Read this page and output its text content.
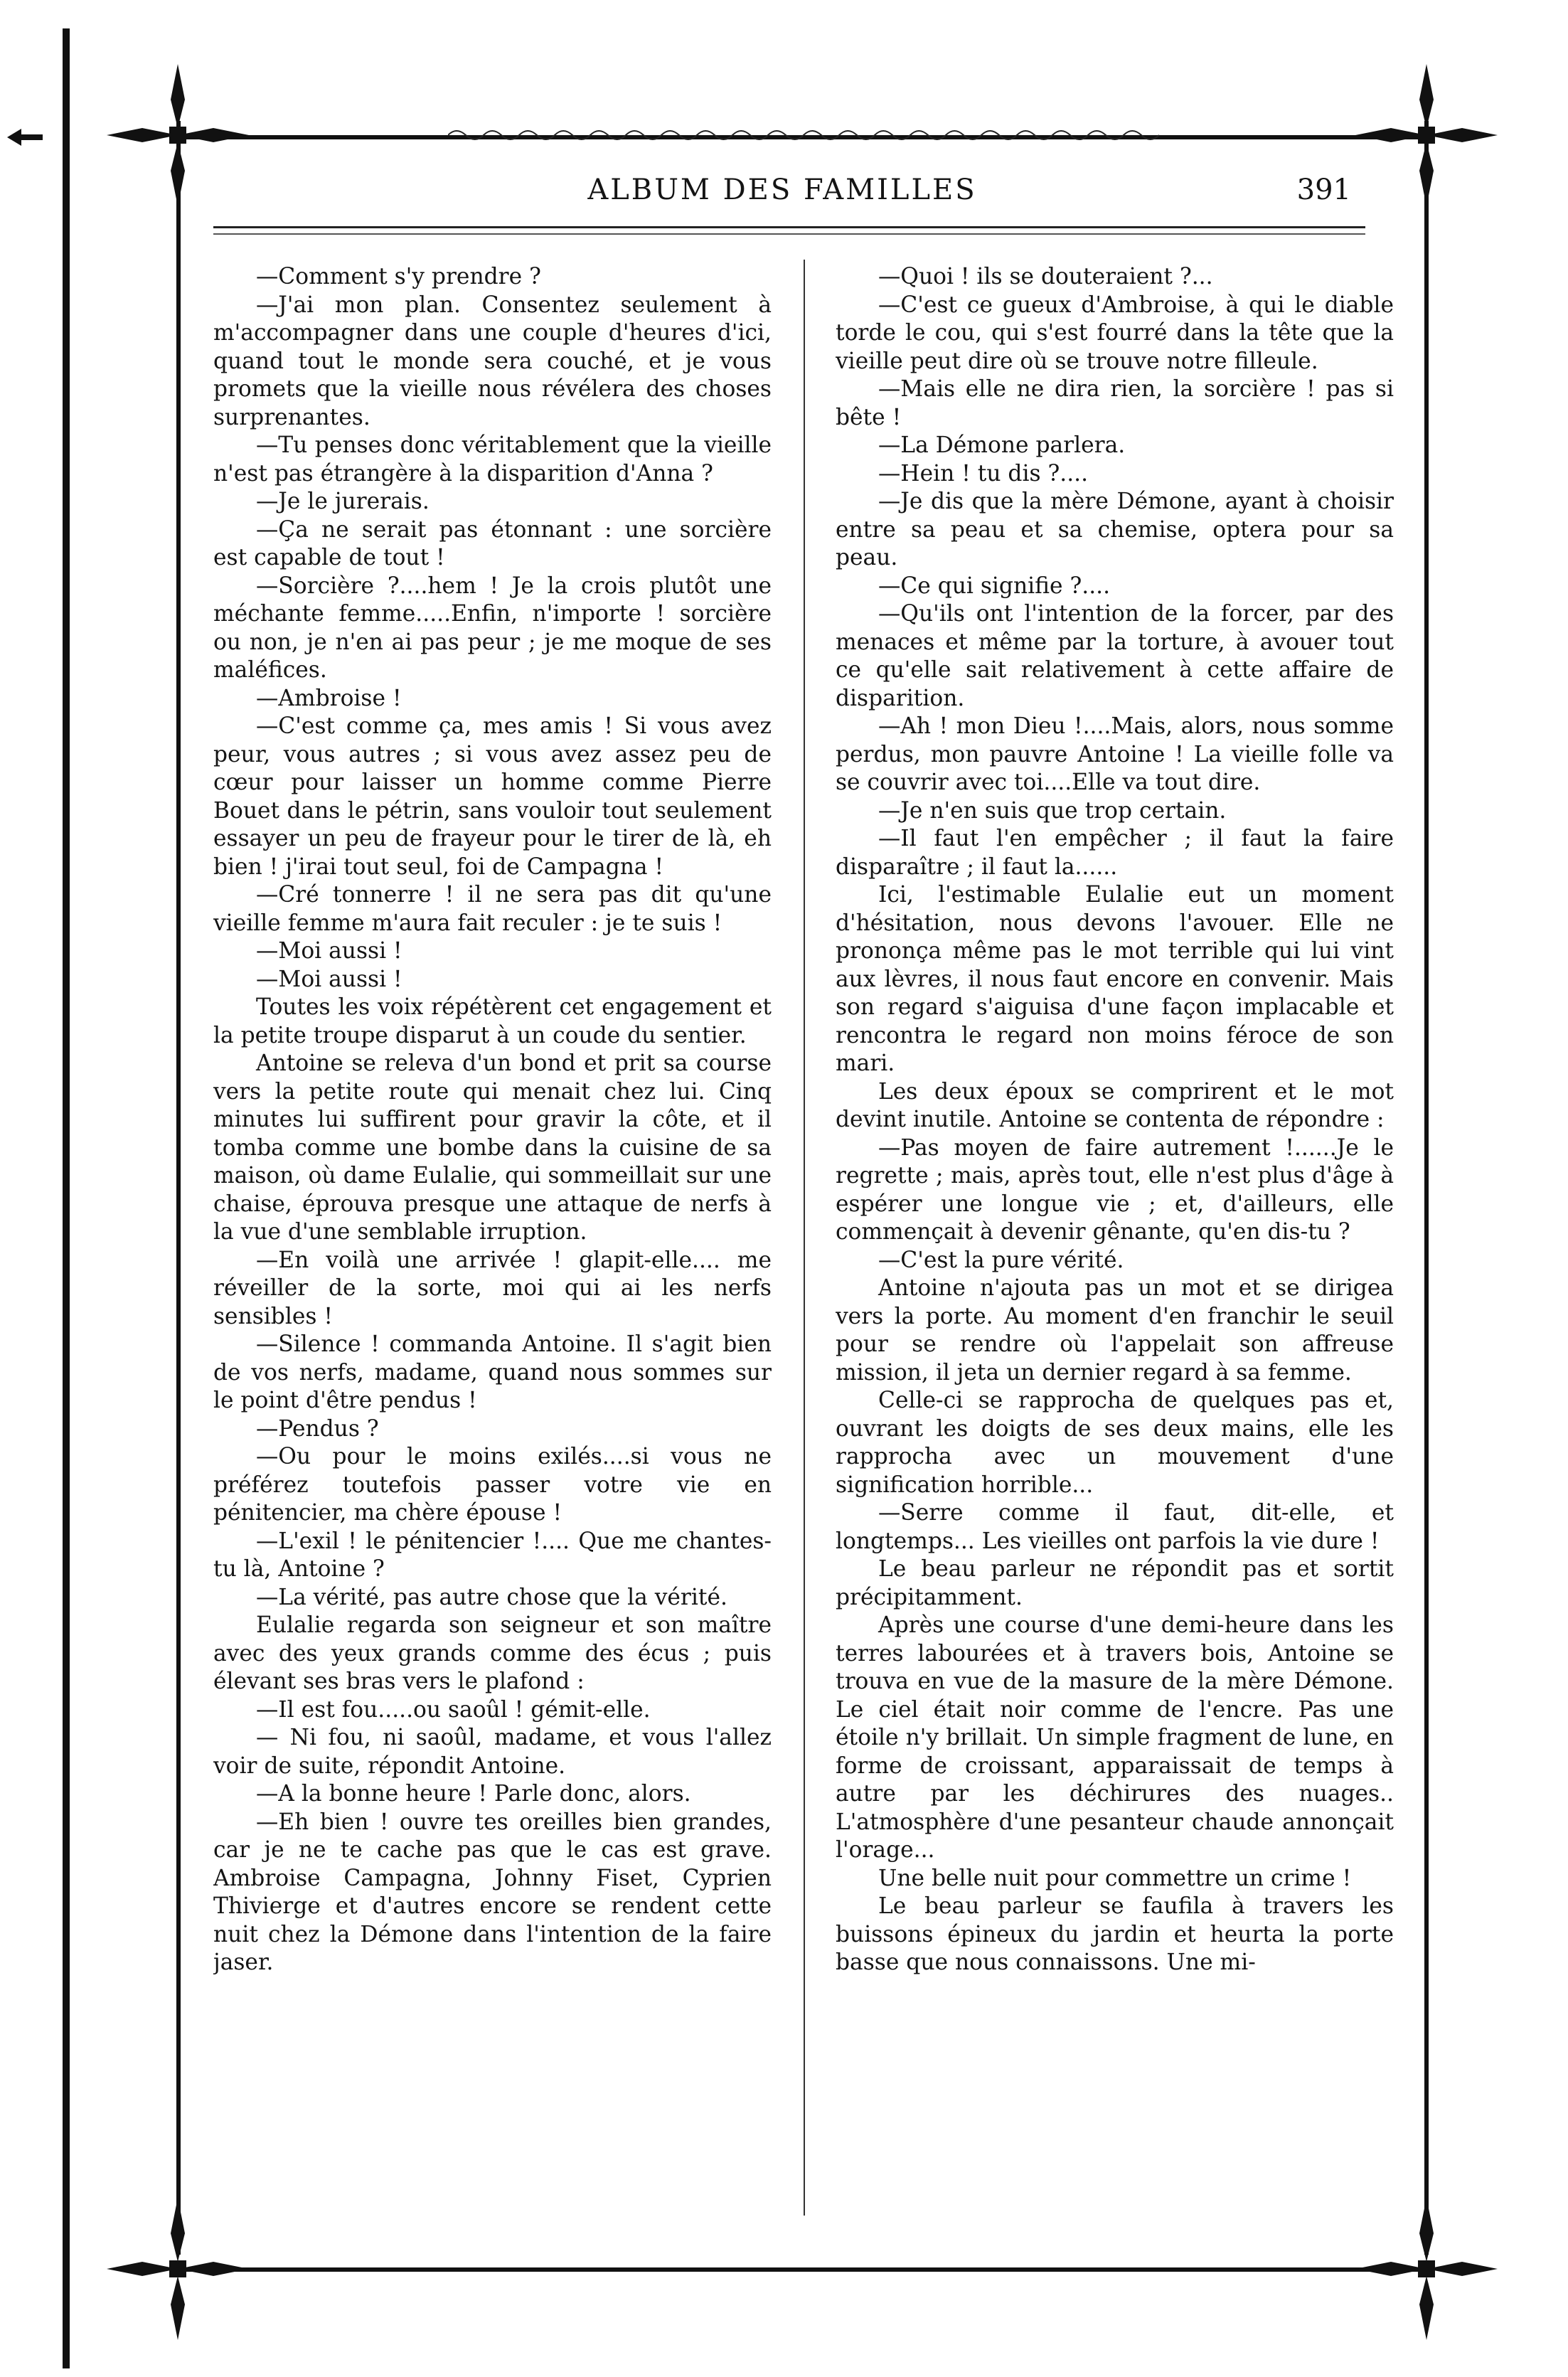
ALBUM DES FAMILLES	391

—Comment s'y prendre ?

—J'ai mon plan. Consentez seulement à m'accompagner dans une couple d'heures d'ici, quand tout le monde sera couché, et je vous promets que la vieille nous révélera des choses surprenantes.

—Tu penses donc véritablement que la vieille n'est pas étrangère à la disparition d'Anna ?

—Je le jurerais.

—Ça ne serait pas étonnant : une sorcière est capable de tout !

—Sorcière ?....hem ! Je la crois plutôt une méchante femme.....Enfin, n'importe ! sorcière ou non, je n'en ai pas peur ; je me moque de ses maléfices.

—Ambroise !

—C'est comme ça, mes amis ! Si vous avez peur, vous autres ; si vous avez assez peu de cœur pour laisser un homme comme Pierre Bouet dans le pétrin, sans vouloir tout seulement essayer un peu de frayeur pour le tirer de là, eh bien ! j'irai tout seul, foi de Campagna !

—Cré tonnerre ! il ne sera pas dit qu'une vieille femme m'aura fait reculer : je te suis !

—Moi aussi !

—Moi aussi !

Toutes les voix répétèrent cet engagement et la petite troupe disparut à un coude du sentier.

Antoine se releva d'un bond et prit sa course vers la petite route qui menait chez lui. Cinq minutes lui suffirent pour gravir la côte, et il tomba comme une bombe dans la cuisine de sa maison, où dame Eulalie, qui sommeillait sur une chaise, éprouva presque une attaque de nerfs à la vue d'une semblable irruption.

—En voilà une arrivée ! glapit-elle.... me réveiller de la sorte, moi qui ai les nerfs sensibles !

—Silence ! commanda Antoine. Il s'agit bien de vos nerfs, madame, quand nous sommes sur le point d'être pendus !

—Pendus ?

—Ou pour le moins exilés....si vous ne préférez toutefois passer votre vie en pénitencier, ma chère épouse !

—L'exil ! le pénitencier !.... Que me chantes-tu là, Antoine ?

—La vérité, pas autre chose que la vérité.

Eulalie regarda son seigneur et son maître avec des yeux grands comme des écus ; puis élevant ses bras vers le plafond :

—Il est fou.....ou saoûl ! gémit-elle.

— Ni fou, ni saoûl, madame, et vous l'allez voir de suite, répondit Antoine.

—A la bonne heure ! Parle donc, alors.

—Eh bien ! ouvre tes oreilles bien grandes, car je ne te cache pas que le cas est grave. Ambroise Campagna, Johnny Fiset, Cyprien Thivierge et d'autres encore se rendent cette nuit chez la Démone dans l'intention de la faire jaser.

—Quoi ! ils se douteraient ?...

—C'est ce gueux d'Ambroise, à qui le diable torde le cou, qui s'est fourré dans la tête que la vieille peut dire où se trouve notre filleule.

—Mais elle ne dira rien, la sorcière ! pas si bête !

—La Démone parlera.

—Hein ! tu dis ?....

—Je dis que la mère Démone, ayant à choisir entre sa peau et sa chemise, optera pour sa peau.

—Ce qui signifie ?....

—Qu'ils ont l'intention de la forcer, par des menaces et même par la torture, à avouer tout ce qu'elle sait relativement à cette affaire de disparition.

—Ah ! mon Dieu !....Mais, alors, nous somme perdus, mon pauvre Antoine ! La vieille folle va se couvrir avec toi....Elle va tout dire.

—Je n'en suis que trop certain.

—Il faut l'en empêcher ; il faut la faire disparaître ; il faut la......

Ici, l'estimable Eulalie eut un moment d'hésitation, nous devons l'avouer. Elle ne prononça même pas le mot terrible qui lui vint aux lèvres, il nous faut encore en convenir. Mais son regard s'aiguisa d'une façon implacable et rencontra le regard non moins féroce de son mari.

Les deux époux se comprirent et le mot devint inutile. Antoine se contenta de répondre :

—Pas moyen de faire autrement !......Je le regrette ; mais, après tout, elle n'est plus d'âge à espérer une longue vie ; et, d'ailleurs, elle commençait à devenir gênante, qu'en dis-tu ?

—C'est la pure vérité.

Antoine n'ajouta pas un mot et se dirigea vers la porte. Au moment d'en franchir le seuil pour se rendre où l'appelait son affreuse mission, il jeta un dernier regard à sa femme.

Celle-ci se rapprocha de quelques pas et, ouvrant les doigts de ses deux mains, elle les rapprocha avec un mouvement d'une signification horrible...

—Serre comme il faut, dit-elle, et longtemps... Les vieilles ont parfois la vie dure !

Le beau parleur ne répondit pas et sortit précipitamment.

Après une course d'une demi-heure dans les terres labourées et à travers bois, Antoine se trouva en vue de la masure de la mère Démone. Le ciel était noir comme de l'encre. Pas une étoile n'y brillait. Un simple fragment de lune, en forme de croissant, apparaissait de temps à autre par les déchirures des nuages.. L'atmosphère d'une pesanteur chaude annonçait l'orage...

Une belle nuit pour commettre un crime !

Le beau parleur se faufila à travers les buissons épineux du jardin et heurta la porte basse que nous connaissons. Une mi-
